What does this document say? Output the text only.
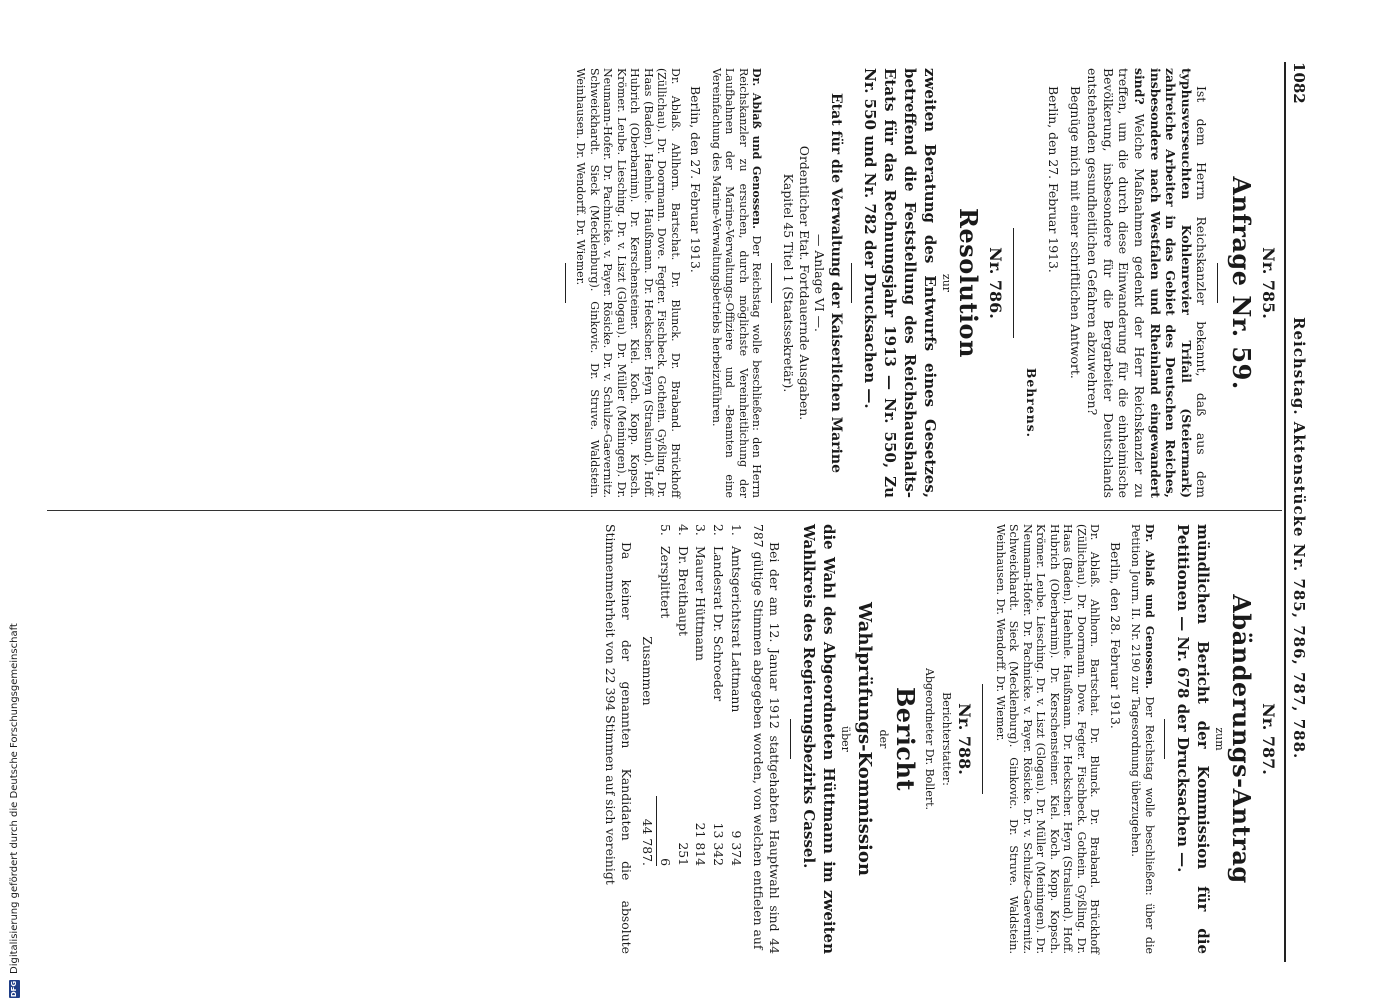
DFG
Digitalisierung gefördert durch die Deutsche Forschungsgemeinschaft
1082
Reichstag. Aktenstücke Nr. 785, 786, 787, 788.
Nr. 785.
Anfrage Nr. 59.
Ist dem Herrn Reichskanzler bekannt, daß aus dem typhusverseuchten Kohlenrevier Trifail (Steiermark) zahlreiche Arbeiter in das Gebiet des Deutschen Reiches, insbesondere nach Westfalen und Rheinland eingewandert sind? Welche Maßnahmen gedenkt der Herr Reichskanzler zu treffen, um die durch diese Einwanderung für die einheimische Bevölkerung, insbesondere für die Bergarbeiter Deutschlands entstehenden gesundheitlichen Gefahren abzuwehren?
Begnüge mich mit einer schriftlichen Antwort.
Berlin, den 27. Februar 1913.
Behrens.
Nr. 786.
Resolution
zur
zweiten Beratung des Entwurfs eines Gesetzes, betreffend die Feststellung des Reichshaushalts-Etats für das Rechnungsjahr 1913 — Nr. 550, Zu Nr. 550 und Nr. 782 der Drucksachen —.
Etat für die Verwaltung der Kaiserlichen Marine
— Anlage VI —.
Ordentlicher Etat. Fortdauernde Ausgaben.
Kapitel 45 Titel 1 (Staatssekretär).
Dr. Ablaß und Genossen. Der Reichstag wolle beschließen: den Herrn Reichskanzler zu ersuchen, durch möglichste Vereinheitlichung der Laufbahnen der Marine-Verwaltungs-Offiziere und -Beamten eine Vereinfachung des Marine-Verwaltungsbetriebs herbeizuführen.
Berlin, den 27. Februar 1913.
Dr. Ablaß. Ahlhorn. Bartschat. Dr. Blunck. Dr. Braband. Brückhoff (Züllichau). Dr. Doormann. Dove. Fegter. Fischbeck. Gothein. Gyßling. Dr. Haas (Baden). Haehnle. Haußmann. Dr. Heckscher. Heyn (Stralsund). Hoff. Hubrich (Oberbarnim). Dr. Kerschensteiner. Kiel. Koch. Kopp. Kopsch. Krömer. Leube. Liesching. Dr. v. Liszt (Glogau). Dr. Müller (Meiningen). Dr. Neumann-Hofer. Dr. Pachnicke. v. Payer. Rösicke. Dr. v. Schulze-Gaevernitz. Schweickhardt. Sieck (Mecklenburg). Ginkovic. Dr. Struve. Waldstein. Weinhausen. Dr. Wendorff. Dr. Wiemer.
Nr. 787.
Abänderungs-Antrag
zum
mündlichen Bericht der Kommission für die Petitionen — Nr. 678 der Drucksachen —.
Dr. Ablaß und Genossen. Der Reichstag wolle beschließen: über die Petition Journ. II. Nr. 2190 zur Tagesordnung überzugehen.
Berlin, den 28. Februar 1913.
Dr. Ablaß. Ahlhorn. Bartschat. Dr. Blunck. Dr. Braband. Brückhoff (Züllichau). Dr. Doormann. Dove. Fegter. Fischbeck. Gothein. Gyßling. Dr. Haas (Baden). Haehnle. Haußmann. Dr. Heckscher. Heyn (Stralsund). Hoff. Hubrich (Oberbarnim). Dr. Kerschensteiner. Kiel. Koch. Kopp. Kopsch. Krömer. Leube. Liesching. Dr. v. Liszt (Glogau). Dr. Müller (Meiningen). Dr. Neumann-Hofer. Dr. Pachnicke. v. Payer. Rösicke. Dr. v. Schulze-Gaevernitz. Schweickhardt. Sieck (Mecklenburg). Ginkovic. Dr. Struve. Waldstein. Weinhausen. Dr. Wendorff. Dr. Wiemer.
Nr. 788.
Berichterstatter:
Abgeordneter Dr. Bollert.
Bericht
der
Wahlprüfungs-Kommission
über
die Wahl des Abgeordneten Hüttmann im zweiten Wahlkreis des Regierungsbezirks Cassel.
Bei der am 12. Januar 1912 stattgehabten Hauptwahl sind 44 787 gültige Stimmen abgegeben worden, von welchen entfielen auf
1.	Amtsgerichtsrat Lattmann	9 374
2.	Landesrat Dr. Schroeder	13 342
3.	Maurer Hüttmann	21 814
4.	Dr. Breithaupt	251
5.	Zersplittert	6
	Zusammen	44 787.
Da keiner der genannten Kandidaten die absolute Stimmenmehrheit von 22 394 Stimmen auf sich vereinigt
